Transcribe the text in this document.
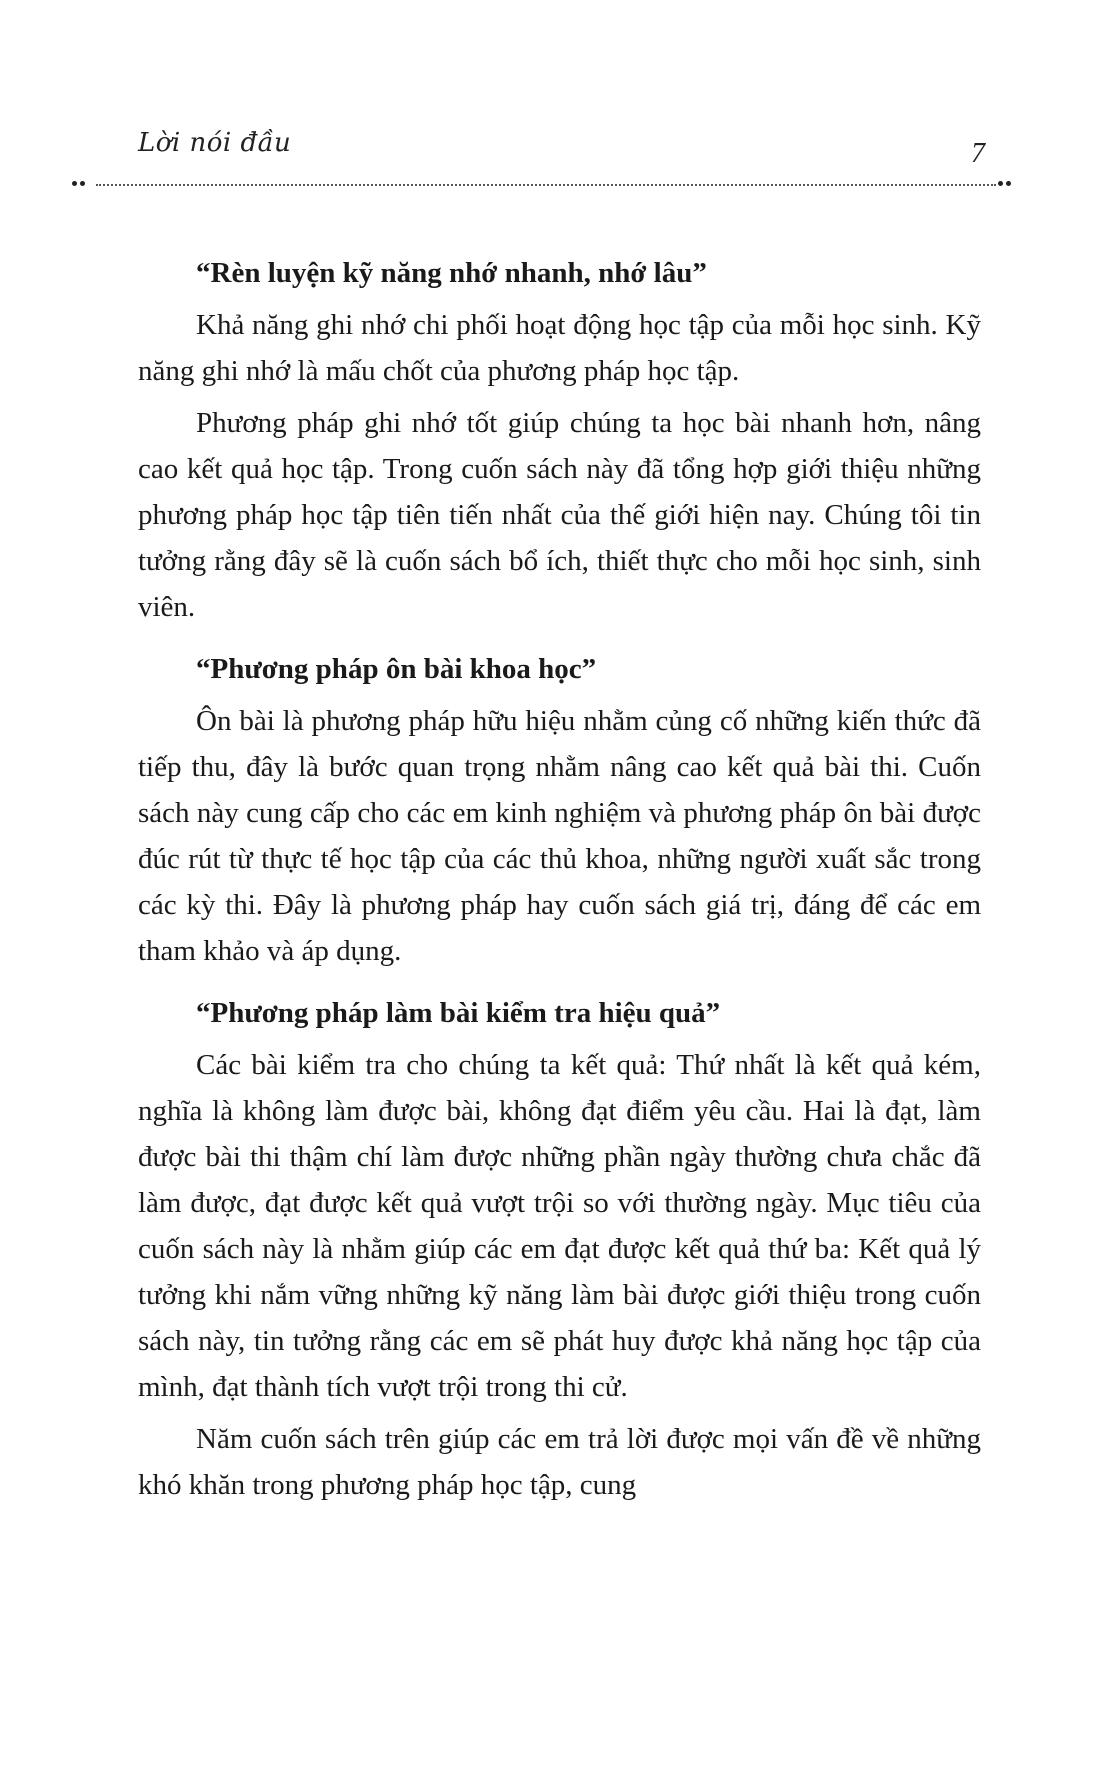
Lời nói đầu	7
“Rèn luyện kỹ năng nhớ nhanh, nhớ lâu”

Khả năng ghi nhớ chi phối hoạt động học tập của mỗi học sinh. Kỹ năng ghi nhớ là mấu chốt của phương pháp học tập.

Phương pháp ghi nhớ tốt giúp chúng ta học bài nhanh hơn, nâng cao kết quả học tập. Trong cuốn sách này đã tổng hợp giới thiệu những phương pháp học tập tiên tiến nhất của thế giới hiện nay. Chúng tôi tin tưởng rằng đây sẽ là cuốn sách bổ ích, thiết thực cho mỗi học sinh, sinh viên.

“Phương pháp ôn bài khoa học”

Ôn bài là phương pháp hữu hiệu nhằm củng cố những kiến thức đã tiếp thu, đây là bước quan trọng nhằm nâng cao kết quả bài thi. Cuốn sách này cung cấp cho các em kinh nghiệm và phương pháp ôn bài được đúc rút từ thực tế học tập của các thủ khoa, những người xuất sắc trong các kỳ thi. Đây là phương pháp hay cuốn sách giá trị, đáng để các em tham khảo và áp dụng.

“Phương pháp làm bài kiểm tra hiệu quả”

Các bài kiểm tra cho chúng ta kết quả: Thứ nhất là kết quả kém, nghĩa là không làm được bài, không đạt điểm yêu cầu. Hai là đạt, làm được bài thi thậm chí làm được những phần ngày thường chưa chắc đã làm được, đạt được kết quả vượt trội so với thường ngày. Mục tiêu của cuốn sách này là nhằm giúp các em đạt được kết quả thứ ba: Kết quả lý tưởng khi nắm vững những kỹ năng làm bài được giới thiệu trong cuốn sách này, tin tưởng rằng các em sẽ phát huy được khả năng học tập của mình, đạt thành tích vượt trội trong thi cử.

Năm cuốn sách trên giúp các em trả lời được mọi vấn đề về những khó khăn trong phương pháp học tập, cung
